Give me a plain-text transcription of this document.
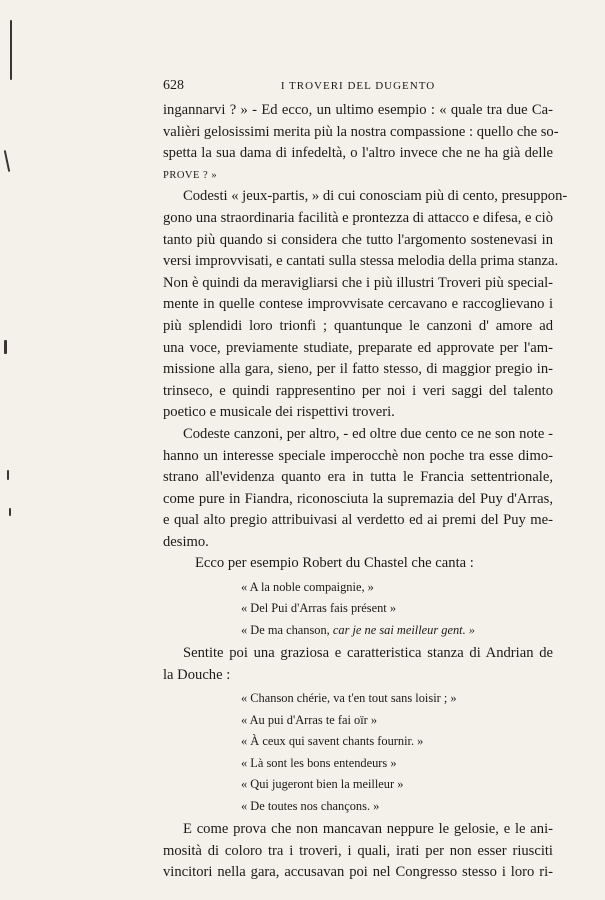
628	I TROVERI DEL DUGENTO

ingannarvi ? » - Ed ecco, un ultimo esempio : « quale tra due Ca-
valièri gelosissimi merita più la nostra compassione : quello che so-
spetta la sua dama di infedeltà, o l'altro invece che ne ha già delle
PROVE ? »

Codesti « jeux-partis, » di cui conosciam più di cento, presuppon-
gono una straordinaria facilità e prontezza di attacco e difesa, e ciò
tanto più quando si considera che tutto l'argomento sostenevasi in
versi improvvisati, e cantati sulla stessa melodia della prima stanza.
Non è quindi da meravigliarsi che i più illustri Troveri più special-
mente in quelle contese improvvisate cercavano e raccoglievano i
più splendidi loro trionfi ; quantunque le canzoni d' amore ad
una voce, previamente studiate, preparate ed approvate per l'am-
missione alla gara, sieno, per il fatto stesso, di maggior pregio in-
trinseco, e quindi rappresentino per noi i veri saggi del talento
poetico e musicale dei rispettivi troveri.

Codeste canzoni, per altro, - ed oltre due cento ce ne son note -
hanno un interesse speciale imperocchè non poche tra esse dimo-
strano all'evidenza quanto era in tutta le Francia settentrionale,
come pure in Fiandra, riconosciuta la supremazia del Puy d'Arras,
e qual alto pregio attribuivasi al verdetto ed ai premi del Puy me-
desimo.

Ecco per esempio Robert du Chastel che canta :

« A la noble compaignie, »
« Del Pui d'Arras fais présent »
« De ma chanson, car je ne sai meilleur gent. »

Sentite poi una graziosa e caratteristica stanza di Andrian de
la Douche :

« Chanson chérie, va t'en tout sans loisir ; »
« Au pui d'Arras te fai oïr »
« À ceux qui savent chants fournir. »
« Là sont les bons entendeurs »
« Qui jugeront bien la meilleur »
« De toutes nos chançons. »

E come prova che non mancavan neppure le gelosie, e le ani-
mosità di coloro tra i troveri, i quali, irati per non esser riusciti
vincitori nella gara, accusavan poi nel Congresso stesso i loro ri-
